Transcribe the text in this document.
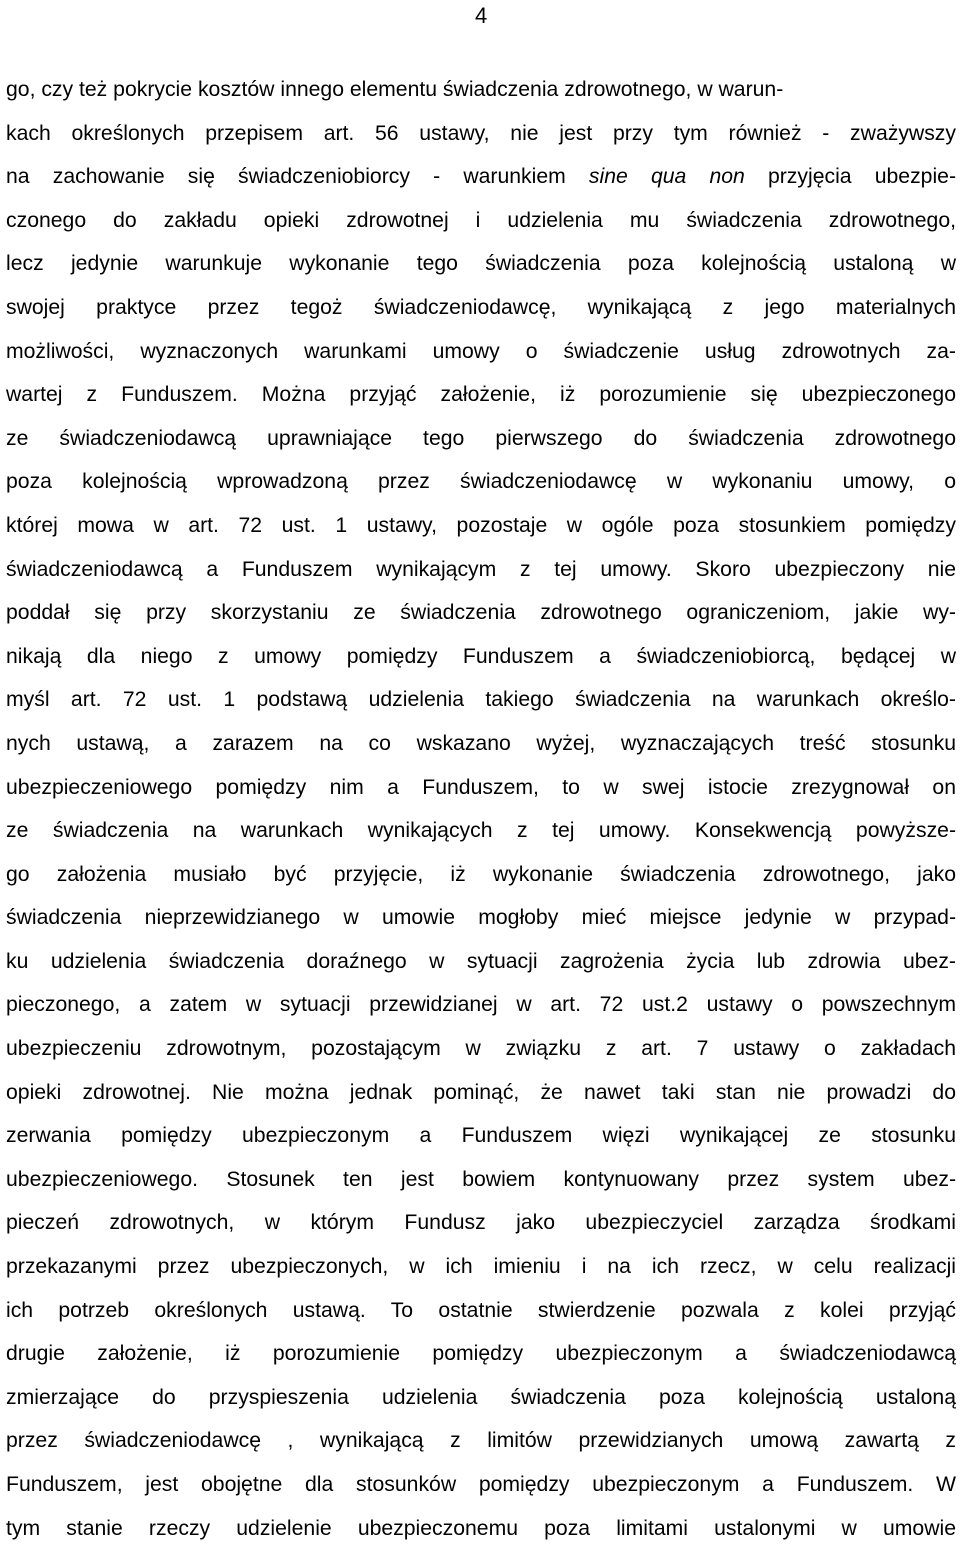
4
go, czy też pokrycie kosztów innego elementu świadczenia zdrowotnego, w warun-
kach określonych przepisem art. 56 ustawy, nie jest przy tym również - zważywszy
na zachowanie się świadczeniobiorcy - warunkiem sine qua non przyjęcia ubezpie-
czonego do zakładu opieki zdrowotnej i udzielenia mu świadczenia zdrowotnego,
lecz jedynie warunkuje wykonanie tego świadczenia poza kolejnością ustaloną w
swojej praktyce przez tegoż świadczeniodawcę, wynikającą z jego materialnych
możliwości, wyznaczonych warunkami umowy o świadczenie usług zdrowotnych za-
wartej z Funduszem. Można przyjąć założenie, iż porozumienie się ubezpieczonego
ze świadczeniodawcą uprawniające tego pierwszego do świadczenia zdrowotnego
poza kolejnością wprowadzoną przez świadczeniodawcę w wykonaniu umowy, o
której mowa w art. 72 ust. 1 ustawy, pozostaje w ogóle poza stosunkiem pomiędzy
świadczeniodawcą a Funduszem wynikającym z tej umowy. Skoro ubezpieczony nie
poddał się przy skorzystaniu ze świadczenia zdrowotnego ograniczeniom, jakie wy-
nikają dla niego z umowy pomiędzy Funduszem a świadczeniobiorcą, będącej w
myśl art. 72 ust. 1 podstawą udzielenia takiego świadczenia na warunkach określo-
nych ustawą, a zarazem na co wskazano wyżej, wyznaczających treść stosunku
ubezpieczeniowego pomiędzy nim a Funduszem, to w swej istocie zrezygnował on
ze świadczenia na warunkach wynikających z tej umowy. Konsekwencją powyższe-
go założenia musiało być przyjęcie, iż wykonanie świadczenia zdrowotnego, jako
świadczenia nieprzewidzianego w umowie mogłoby mieć miejsce jedynie w przypad-
ku udzielenia świadczenia doraźnego w sytuacji zagrożenia życia lub zdrowia ubez-
pieczonego, a zatem w sytuacji przewidzianej w art. 72 ust.2 ustawy o powszechnym
ubezpieczeniu zdrowotnym, pozostającym w związku z art. 7 ustawy o zakładach
opieki zdrowotnej. Nie można jednak pominąć, że nawet taki stan nie prowadzi do
zerwania pomiędzy ubezpieczonym a Funduszem więzi wynikającej ze stosunku
ubezpieczeniowego. Stosunek ten jest bowiem kontynuowany przez system ubez-
pieczeń zdrowotnych, w którym Fundusz jako ubezpieczyciel zarządza środkami
przekazanymi przez ubezpieczonych, w ich imieniu i na ich rzecz, w celu realizacji
ich potrzeb określonych ustawą. To ostatnie stwierdzenie pozwala z kolei przyjąć
drugie założenie, iż porozumienie pomiędzy ubezpieczonym a świadczeniodawcą
zmierzające do przyspieszenia udzielenia świadczenia poza kolejnością ustaloną
przez świadczeniodawcę , wynikającą z limitów przewidzianych umową zawartą z
Funduszem, jest obojętne dla stosunków pomiędzy ubezpieczonym a Funduszem. W
tym stanie rzeczy udzielenie ubezpieczonemu poza limitami ustalonymi w umowie
